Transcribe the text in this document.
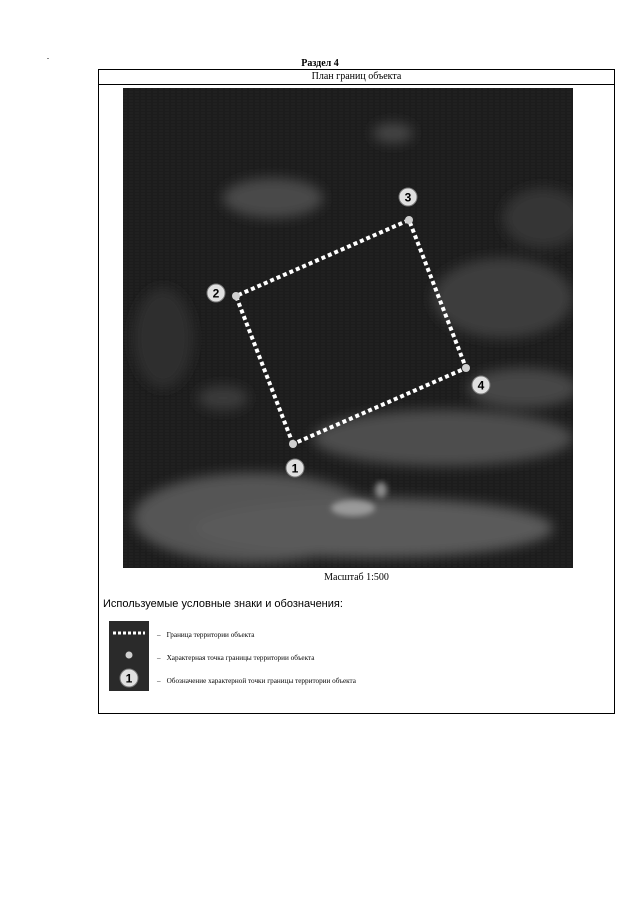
Раздел 4
План границ объекта
1
2
3
4
Масштаб 1:500
Используемые условные знаки и обозначения:
1
– Граница территории объекта
– Характерная точка границы территории объекта
– Обозначение характерной точки границы территории объекта
